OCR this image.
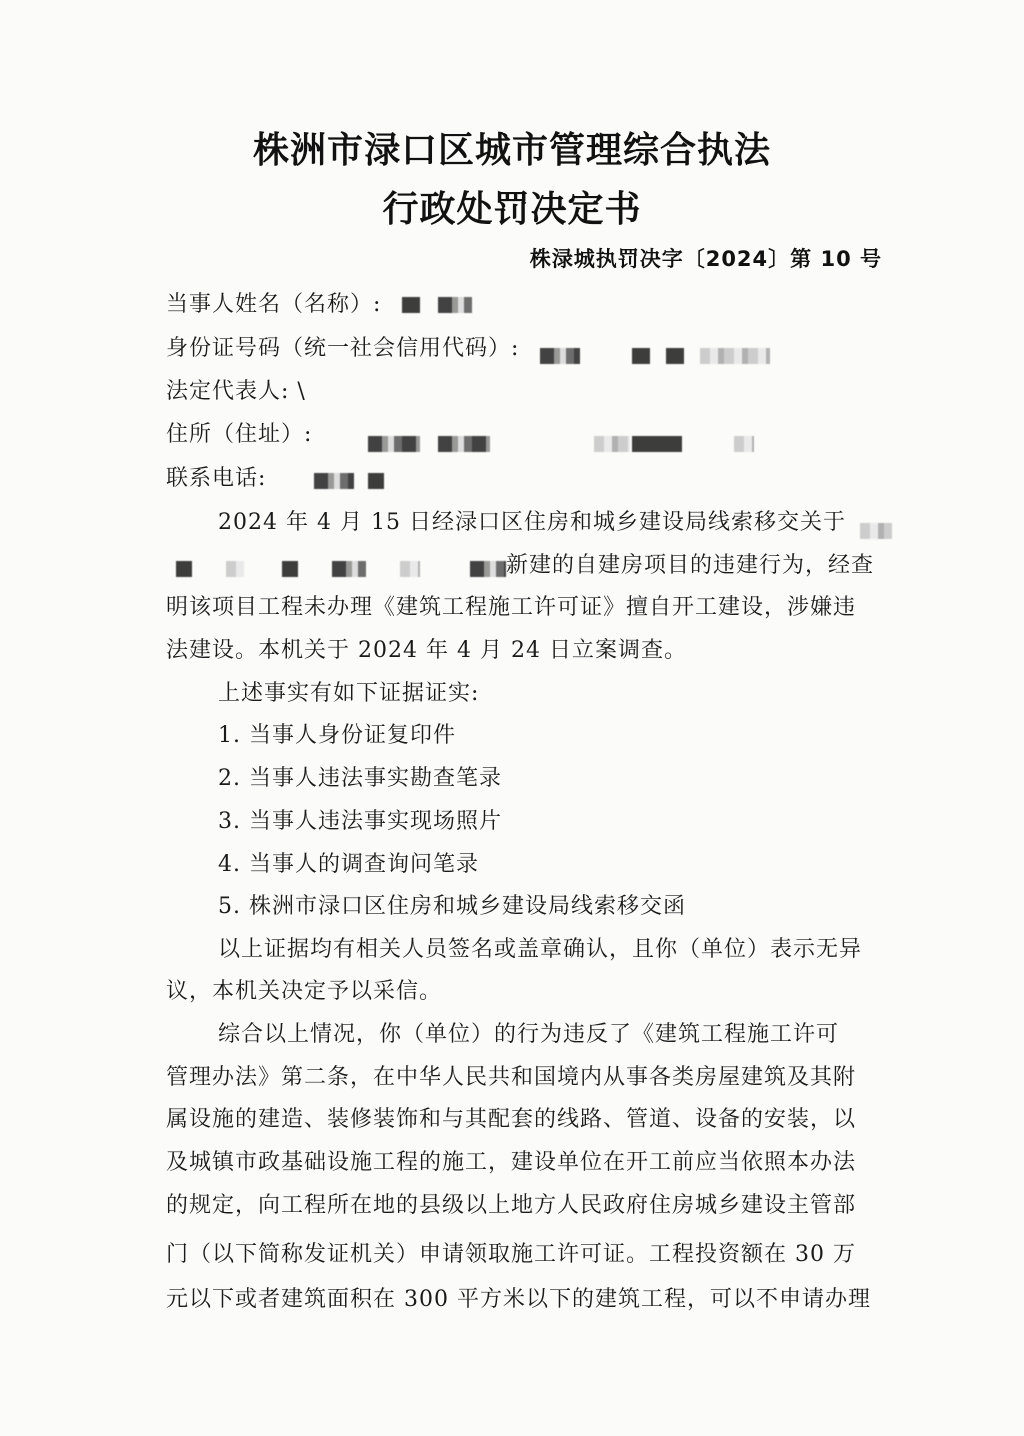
株洲市渌口区城市管理综合执法
行政处罚决定书
株渌城执罚决字〔2024〕第 10 号
当事人姓名（名称）:
身份证号码（统一社会信用代码）:
法定代表人: \
住所（住址）:
联系电话:
2024 年 4 月 15 日经渌口区住房和城乡建设局线索移交关于
新建的自建房项目的违建行为，经查
明该项目工程未办理《建筑工程施工许可证》擅自开工建设，涉嫌违
法建设。本机关于 2024 年 4 月 24 日立案调查。
上述事实有如下证据证实:
1. 当事人身份证复印件
2. 当事人违法事实勘查笔录
3. 当事人违法事实现场照片
4. 当事人的调查询问笔录
5. 株洲市渌口区住房和城乡建设局线索移交函
以上证据均有相关人员签名或盖章确认，且你（单位）表示无异
议，本机关决定予以采信。
综合以上情况，你（单位）的行为违反了《建筑工程施工许可
管理办法》第二条，在中华人民共和国境内从事各类房屋建筑及其附
属设施的建造、装修装饰和与其配套的线路、管道、设备的安装，以
及城镇市政基础设施工程的施工，建设单位在开工前应当依照本办法
的规定，向工程所在地的县级以上地方人民政府住房城乡建设主管部
门（以下简称发证机关）申请领取施工许可证。工程投资额在 30 万
元以下或者建筑面积在 300 平方米以下的建筑工程，可以不申请办理
